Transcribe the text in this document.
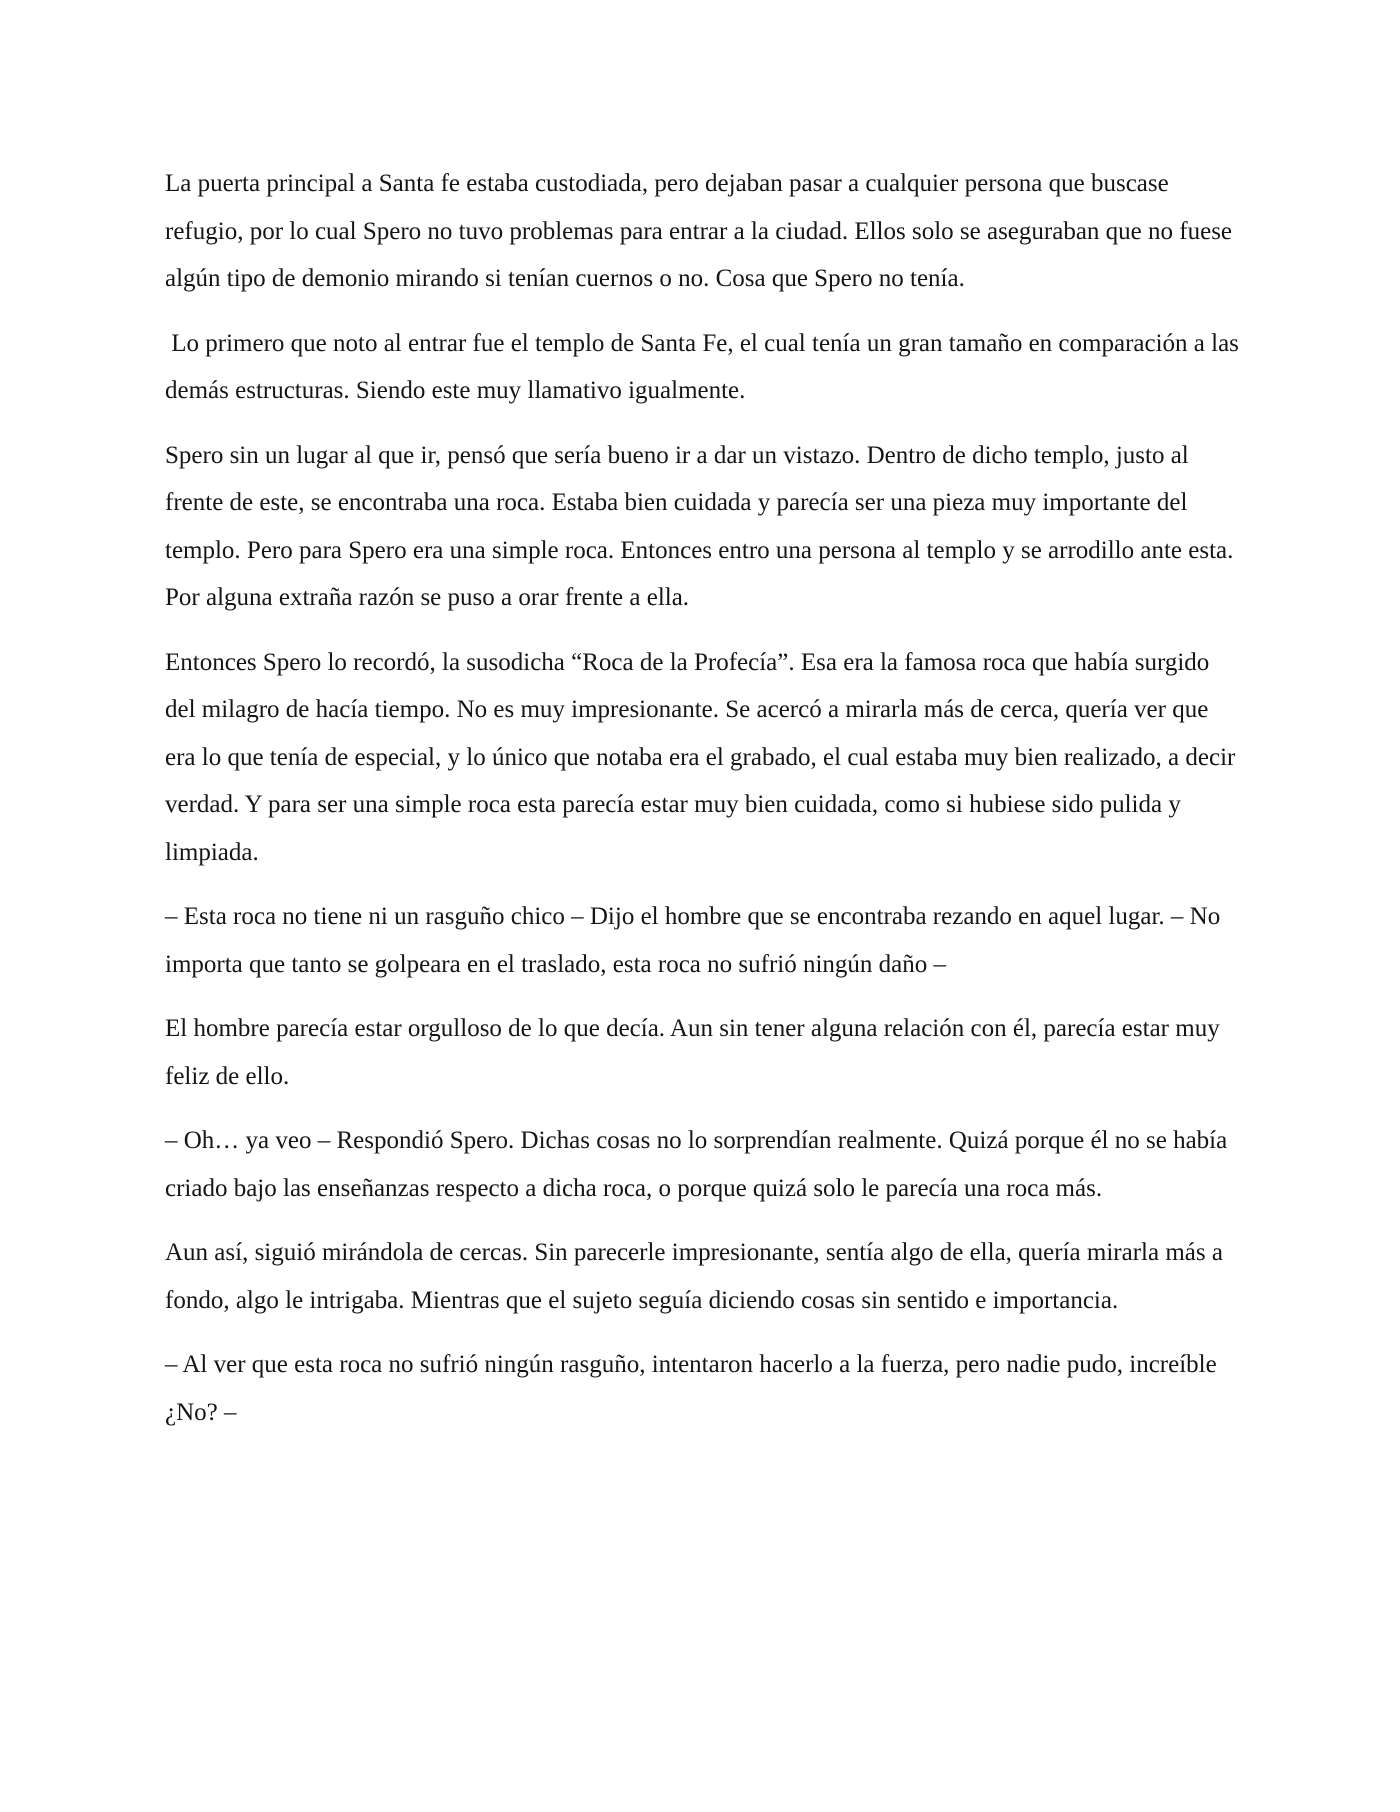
La puerta principal a Santa fe estaba custodiada, pero dejaban pasar a cualquier persona que buscase refugio, por lo cual Spero no tuvo problemas para entrar a la ciudad. Ellos solo se aseguraban que no fuese algún tipo de demonio mirando si tenían cuernos o no. Cosa que Spero no tenía.

Lo primero que noto al entrar fue el templo de Santa Fe, el cual tenía un gran tamaño en comparación a las demás estructuras. Siendo este muy llamativo igualmente.

Spero sin un lugar al que ir, pensó que sería bueno ir a dar un vistazo. Dentro de dicho templo, justo al frente de este, se encontraba una roca. Estaba bien cuidada y parecía ser una pieza muy importante del templo. Pero para Spero era una simple roca. Entonces entro una persona al templo y se arrodillo ante esta. Por alguna extraña razón se puso a orar frente a ella.

Entonces Spero lo recordó, la susodicha “Roca de la Profecía”. Esa era la famosa roca que había surgido del milagro de hacía tiempo. No es muy impresionante. Se acercó a mirarla más de cerca, quería ver que era lo que tenía de especial, y lo único que notaba era el grabado, el cual estaba muy bien realizado, a decir verdad. Y para ser una simple roca esta parecía estar muy bien cuidada, como si hubiese sido pulida y limpiada.

– Esta roca no tiene ni un rasguño chico – Dijo el hombre que se encontraba rezando en aquel lugar. – No importa que tanto se golpeara en el traslado, esta roca no sufrió ningún daño –

El hombre parecía estar orgulloso de lo que decía. Aun sin tener alguna relación con él, parecía estar muy feliz de ello.

– Oh… ya veo – Respondió Spero. Dichas cosas no lo sorprendían realmente. Quizá porque él no se había criado bajo las enseñanzas respecto a dicha roca, o porque quizá solo le parecía una roca más.

Aun así, siguió mirándola de cercas. Sin parecerle impresionante, sentía algo de ella, quería mirarla más a fondo, algo le intrigaba. Mientras que el sujeto seguía diciendo cosas sin sentido e importancia.

– Al ver que esta roca no sufrió ningún rasguño, intentaron hacerlo a la fuerza, pero nadie pudo, increíble ¿No? –
